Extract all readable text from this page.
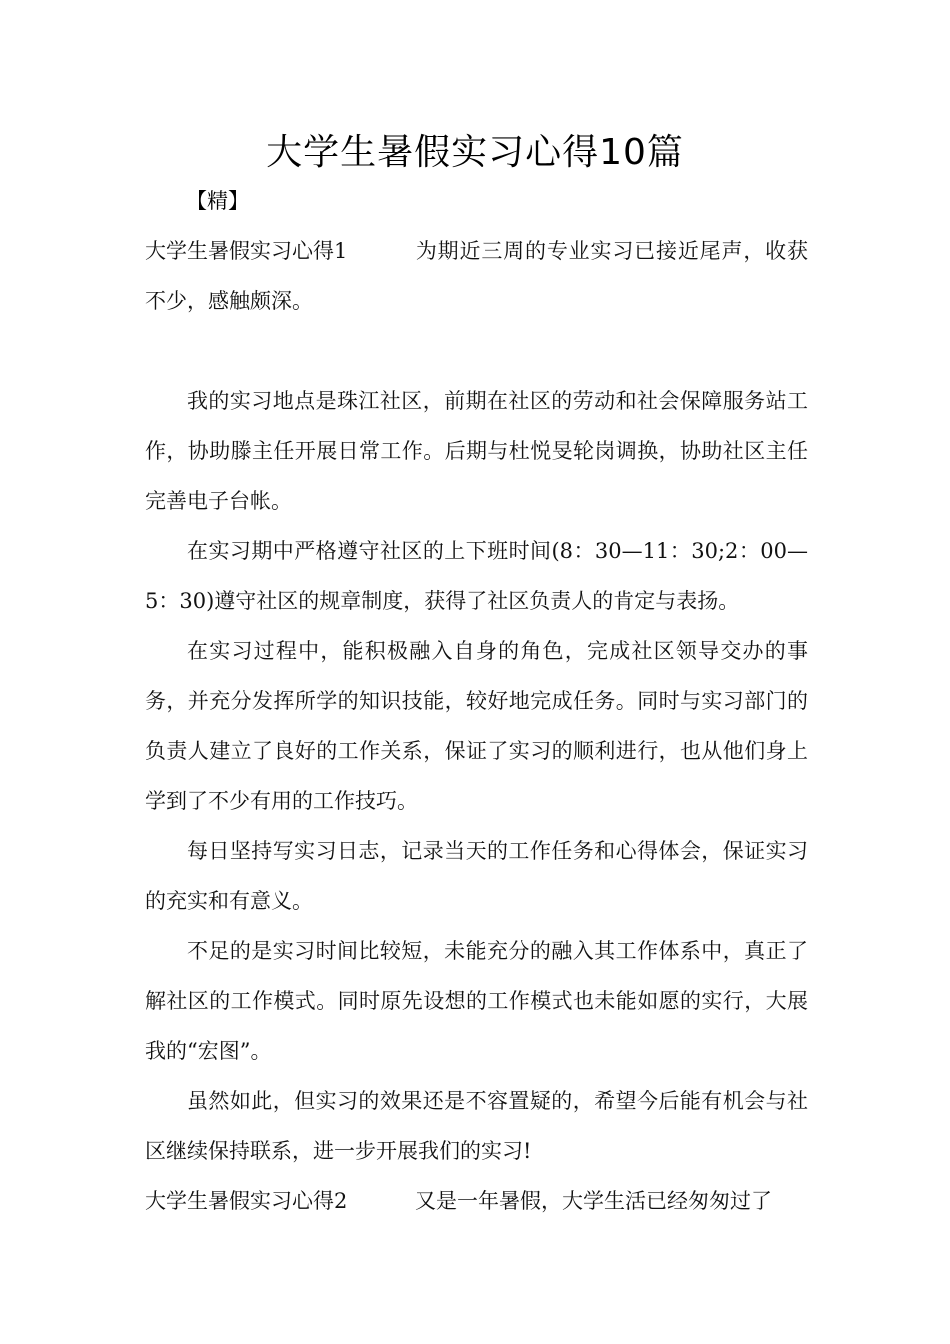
大学生暑假实习心得10篇
【精】

大学生暑假实习心得1	为期近三周的专业实习已接近尾声，收获不少，感触颇深。

我的实习地点是珠江社区，前期在社区的劳动和社会保障服务站工作，协助滕主任开展日常工作。后期与杜悦旻轮岗调换，协助社区主任完善电子台帐。

在实习期中严格遵守社区的上下班时间(8：30—11：30;2：00—5：30)遵守社区的规章制度，获得了社区负责人的肯定与表扬。

在实习过程中，能积极融入自身的角色，完成社区领导交办的事务，并充分发挥所学的知识技能，较好地完成任务。同时与实习部门的负责人建立了良好的工作关系，保证了实习的顺利进行，也从他们身上学到了不少有用的工作技巧。

每日坚持写实习日志，记录当天的工作任务和心得体会，保证实习的充实和有意义。

不足的是实习时间比较短，未能充分的融入其工作体系中，真正了解社区的工作模式。同时原先设想的工作模式也未能如愿的实行，大展我的“宏图”。

虽然如此，但实习的效果还是不容置疑的，希望今后能有机会与社区继续保持联系，进一步开展我们的实习!

大学生暑假实习心得2	又是一年暑假，大学生活已经匆匆过了
